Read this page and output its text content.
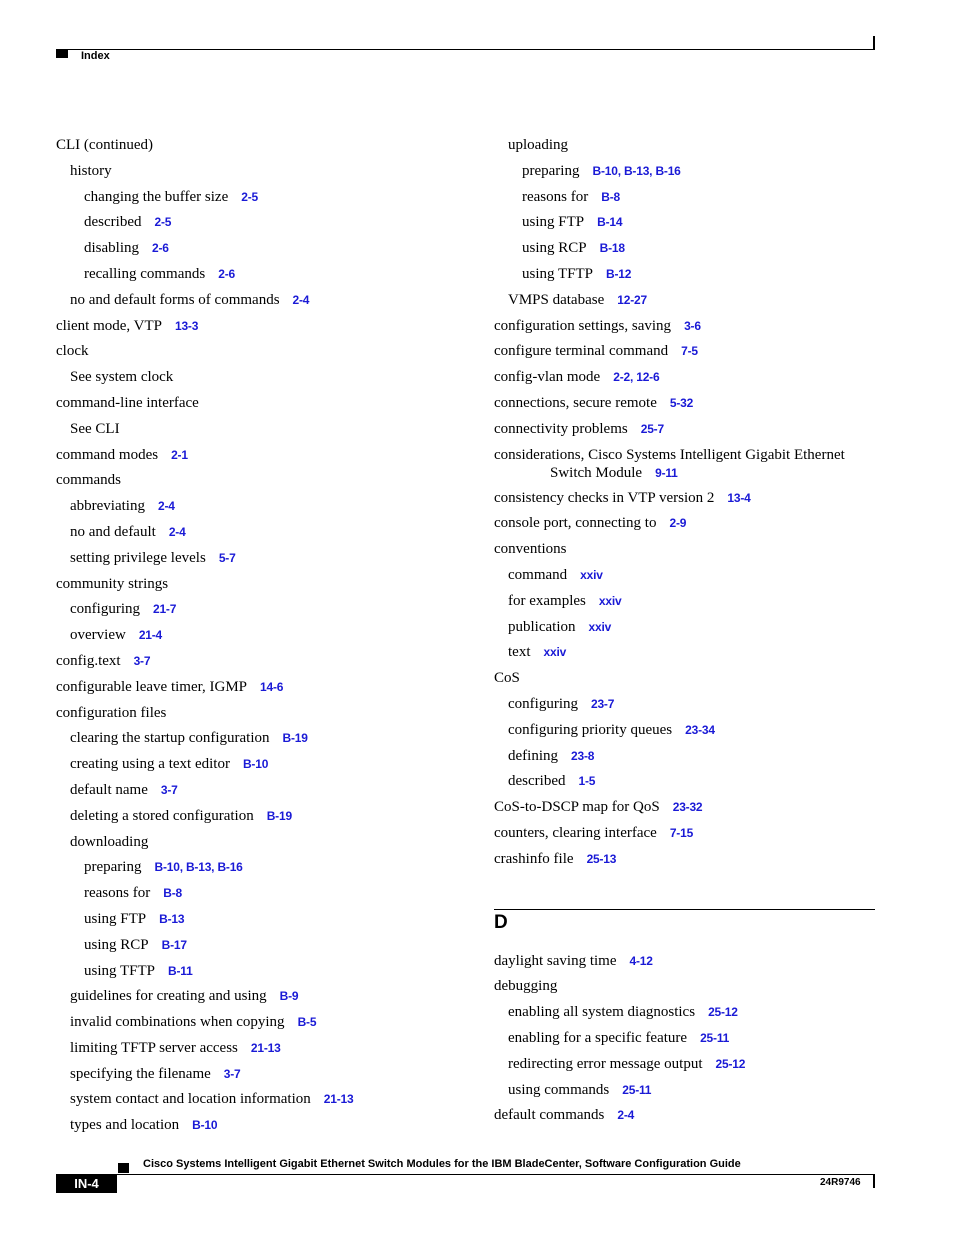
Index
CLI (continued)
history
changing the buffer size 2-5
described 2-5
disabling 2-6
recalling commands 2-6
no and default forms of commands 2-4
client mode, VTP 13-3
clock
See system clock
command-line interface
See CLI
command modes 2-1
commands
abbreviating 2-4
no and default 2-4
setting privilege levels 5-7
community strings
configuring 21-7
overview 21-4
config.text 3-7
configurable leave timer, IGMP 14-6
configuration files
clearing the startup configuration B-19
creating using a text editor B-10
default name 3-7
deleting a stored configuration B-19
downloading
preparing B-10, B-13, B-16
reasons for B-8
using FTP B-13
using RCP B-17
using TFTP B-11
guidelines for creating and using B-9
invalid combinations when copying B-5
limiting TFTP server access 21-13
specifying the filename 3-7
system contact and location information 21-13
types and location B-10
uploading
preparing B-10, B-13, B-16
reasons for B-8
using FTP B-14
using RCP B-18
using TFTP B-12
VMPS database 12-27
configuration settings, saving 3-6
configure terminal command 7-5
config-vlan mode 2-2, 12-6
connections, secure remote 5-32
connectivity problems 25-7
considerations, Cisco Systems Intelligent Gigabit Ethernet Switch Module 9-11
consistency checks in VTP version 2 13-4
console port, connecting to 2-9
conventions
command xxiv
for examples xxiv
publication xxiv
text xxiv
CoS
configuring 23-7
configuring priority queues 23-34
defining 23-8
described 1-5
CoS-to-DSCP map for QoS 23-32
counters, clearing interface 7-15
crashinfo file 25-13
D
daylight saving time 4-12
debugging
enabling all system diagnostics 25-12
enabling for a specific feature 25-11
redirecting error message output 25-12
using commands 25-11
default commands 2-4
Cisco Systems Intelligent Gigabit Ethernet Switch Modules for the IBM BladeCenter, Software Configuration Guide
IN-4	24R9746
